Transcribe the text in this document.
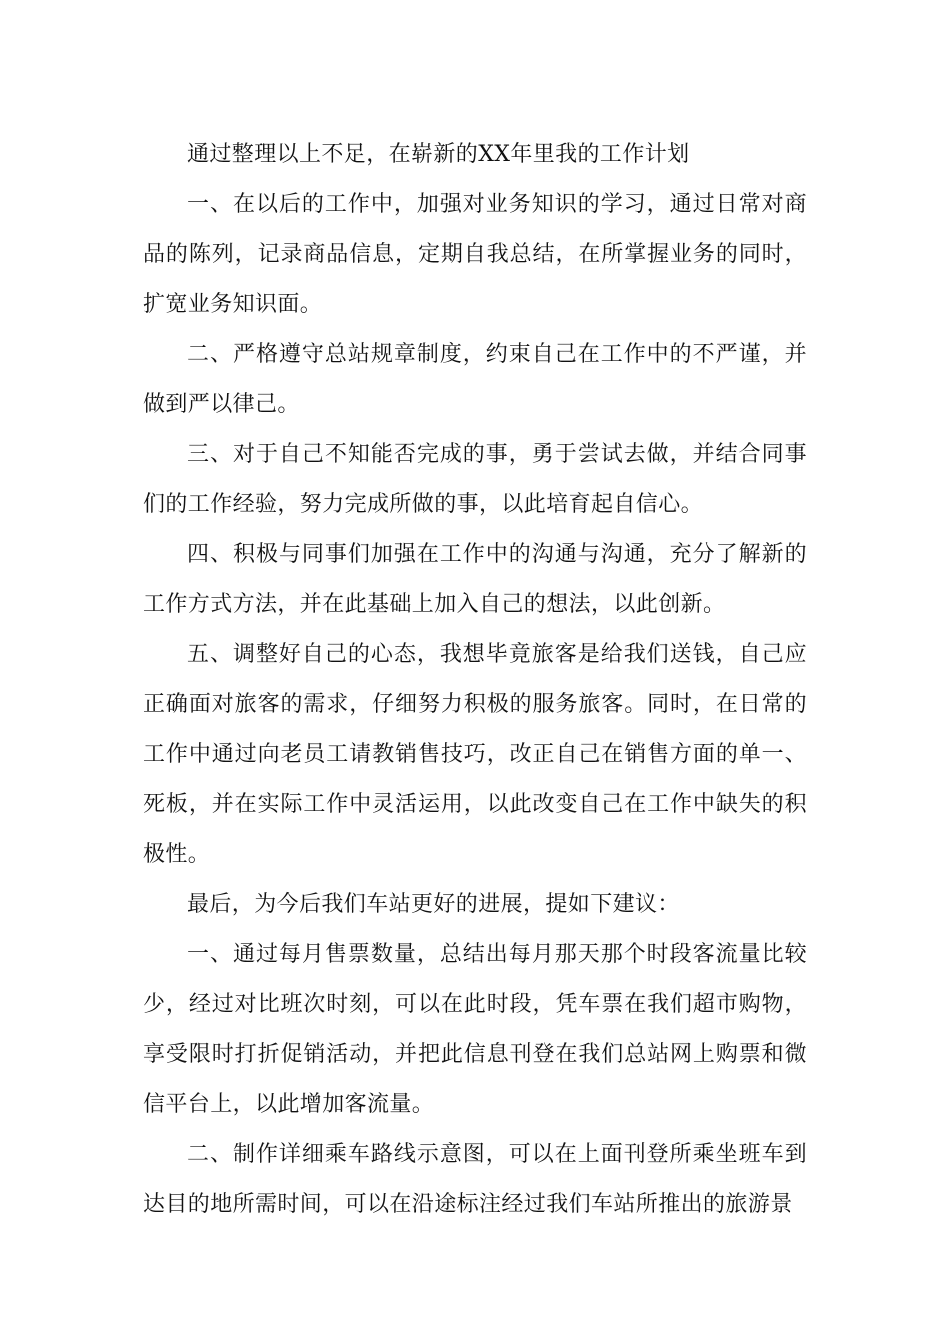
通过整理以上不足，在崭新的XX年里我的工作计划

一、在以后的工作中，加强对业务知识的学习，通过日常对商品的陈列，记录商品信息，定期自我总结，在所掌握业务的同时，扩宽业务知识面。

二、严格遵守总站规章制度，约束自己在工作中的不严谨，并做到严以律己。

三、对于自己不知能否完成的事，勇于尝试去做，并结合同事们的工作经验，努力完成所做的事，以此培育起自信心。

四、积极与同事们加强在工作中的沟通与沟通，充分了解新的工作方式方法，并在此基础上加入自己的想法，以此创新。

五、调整好自己的心态，我想毕竟旅客是给我们送钱，自己应正确面对旅客的需求，仔细努力积极的服务旅客。同时，在日常的工作中通过向老员工请教销售技巧，改正自己在销售方面的单一、死板，并在实际工作中灵活运用，以此改变自己在工作中缺失的积极性。

最后，为今后我们车站更好的进展，提如下建议：

一、通过每月售票数量，总结出每月那天那个时段客流量比较少，经过对比班次时刻，可以在此时段，凭车票在我们超市购物，享受限时打折促销活动，并把此信息刊登在我们总站网上购票和微信平台上，以此增加客流量。

二、制作详细乘车路线示意图，可以在上面刊登所乘坐班车到达目的地所需时间，可以在沿途标注经过我们车站所推出的旅游景
